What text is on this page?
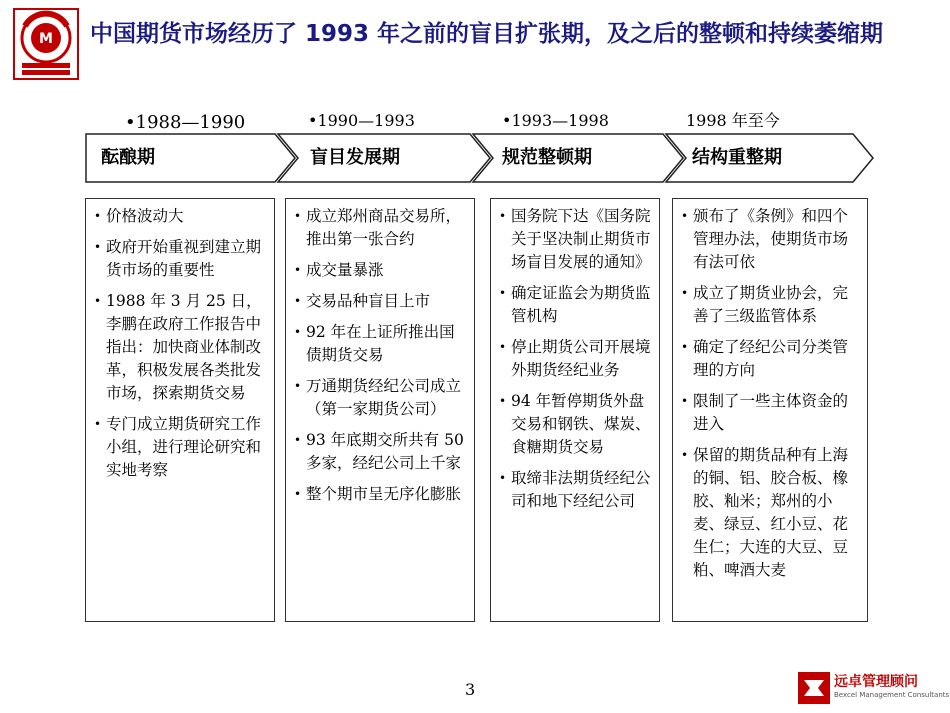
M 中国期货市场经历了 1993 年之前的盲目扩张期，及之后的整顿和持续萎缩期
•1988—1990	•1990—1993	•1993—1998	1998 年至今
酝酿期	盲目发展期	规范整顿期	结构重整期
• 价格波动大
• 政府开始重视到建立期货市场的重要性
• 1988 年 3 月 25 日，李鹏在政府工作报告中指出：加快商业体制改革，积极发展各类批发市场，探索期货交易
• 专门成立期货研究工作小组，进行理论研究和实地考察
• 成立郑州商品交易所，推出第一张合约
• 成交量暴涨
• 交易品种盲目上市
• 92 年在上证所推出国债期货交易
• 万通期货经纪公司成立（第一家期货公司）
• 93 年底期交所共有 50 多家，经纪公司上千家
• 整个期市呈无序化膨胀
• 国务院下达《国务院关于坚决制止期货市场盲目发展的通知》
• 确定证监会为期货监管机构
• 停止期货公司开展境外期货经纪业务
• 94 年暂停期货外盘交易和钢铁、煤炭、食糖期货交易
• 取缔非法期货经纪公司和地下经纪公司
• 颁布了《条例》和四个管理办法，使期货市场有法可依
• 成立了期货业协会，完善了三级监管体系
• 确定了经纪公司分类管理的方向
• 限制了一些主体资金的进入
• 保留的期货品种有上海的铜、铝、胶合板、橡胶、籼米；郑州的小麦、绿豆、红小豆、花生仁；大连的大豆、豆粕、啤酒大麦
3	远卓管理顾问
Bexcel Management Consultants
